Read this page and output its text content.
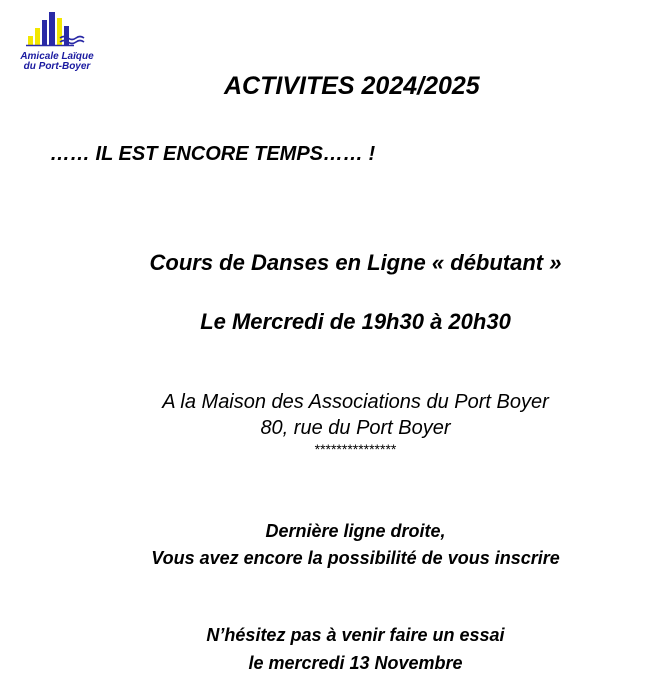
Amicale Laïque
du Port-Boyer
ACTIVITES 2024/2025

…… IL EST ENCORE TEMPS…… !

Cours de Danses en Ligne « débutant »

Le Mercredi de 19h30 à 20h30

A la Maison des Associations du Port Boyer

80, rue du Port Boyer

***************

Dernière ligne droite,

Vous avez encore la possibilité de vous inscrire

N’hésitez pas à venir faire un essai

le mercredi 13 Novembre
